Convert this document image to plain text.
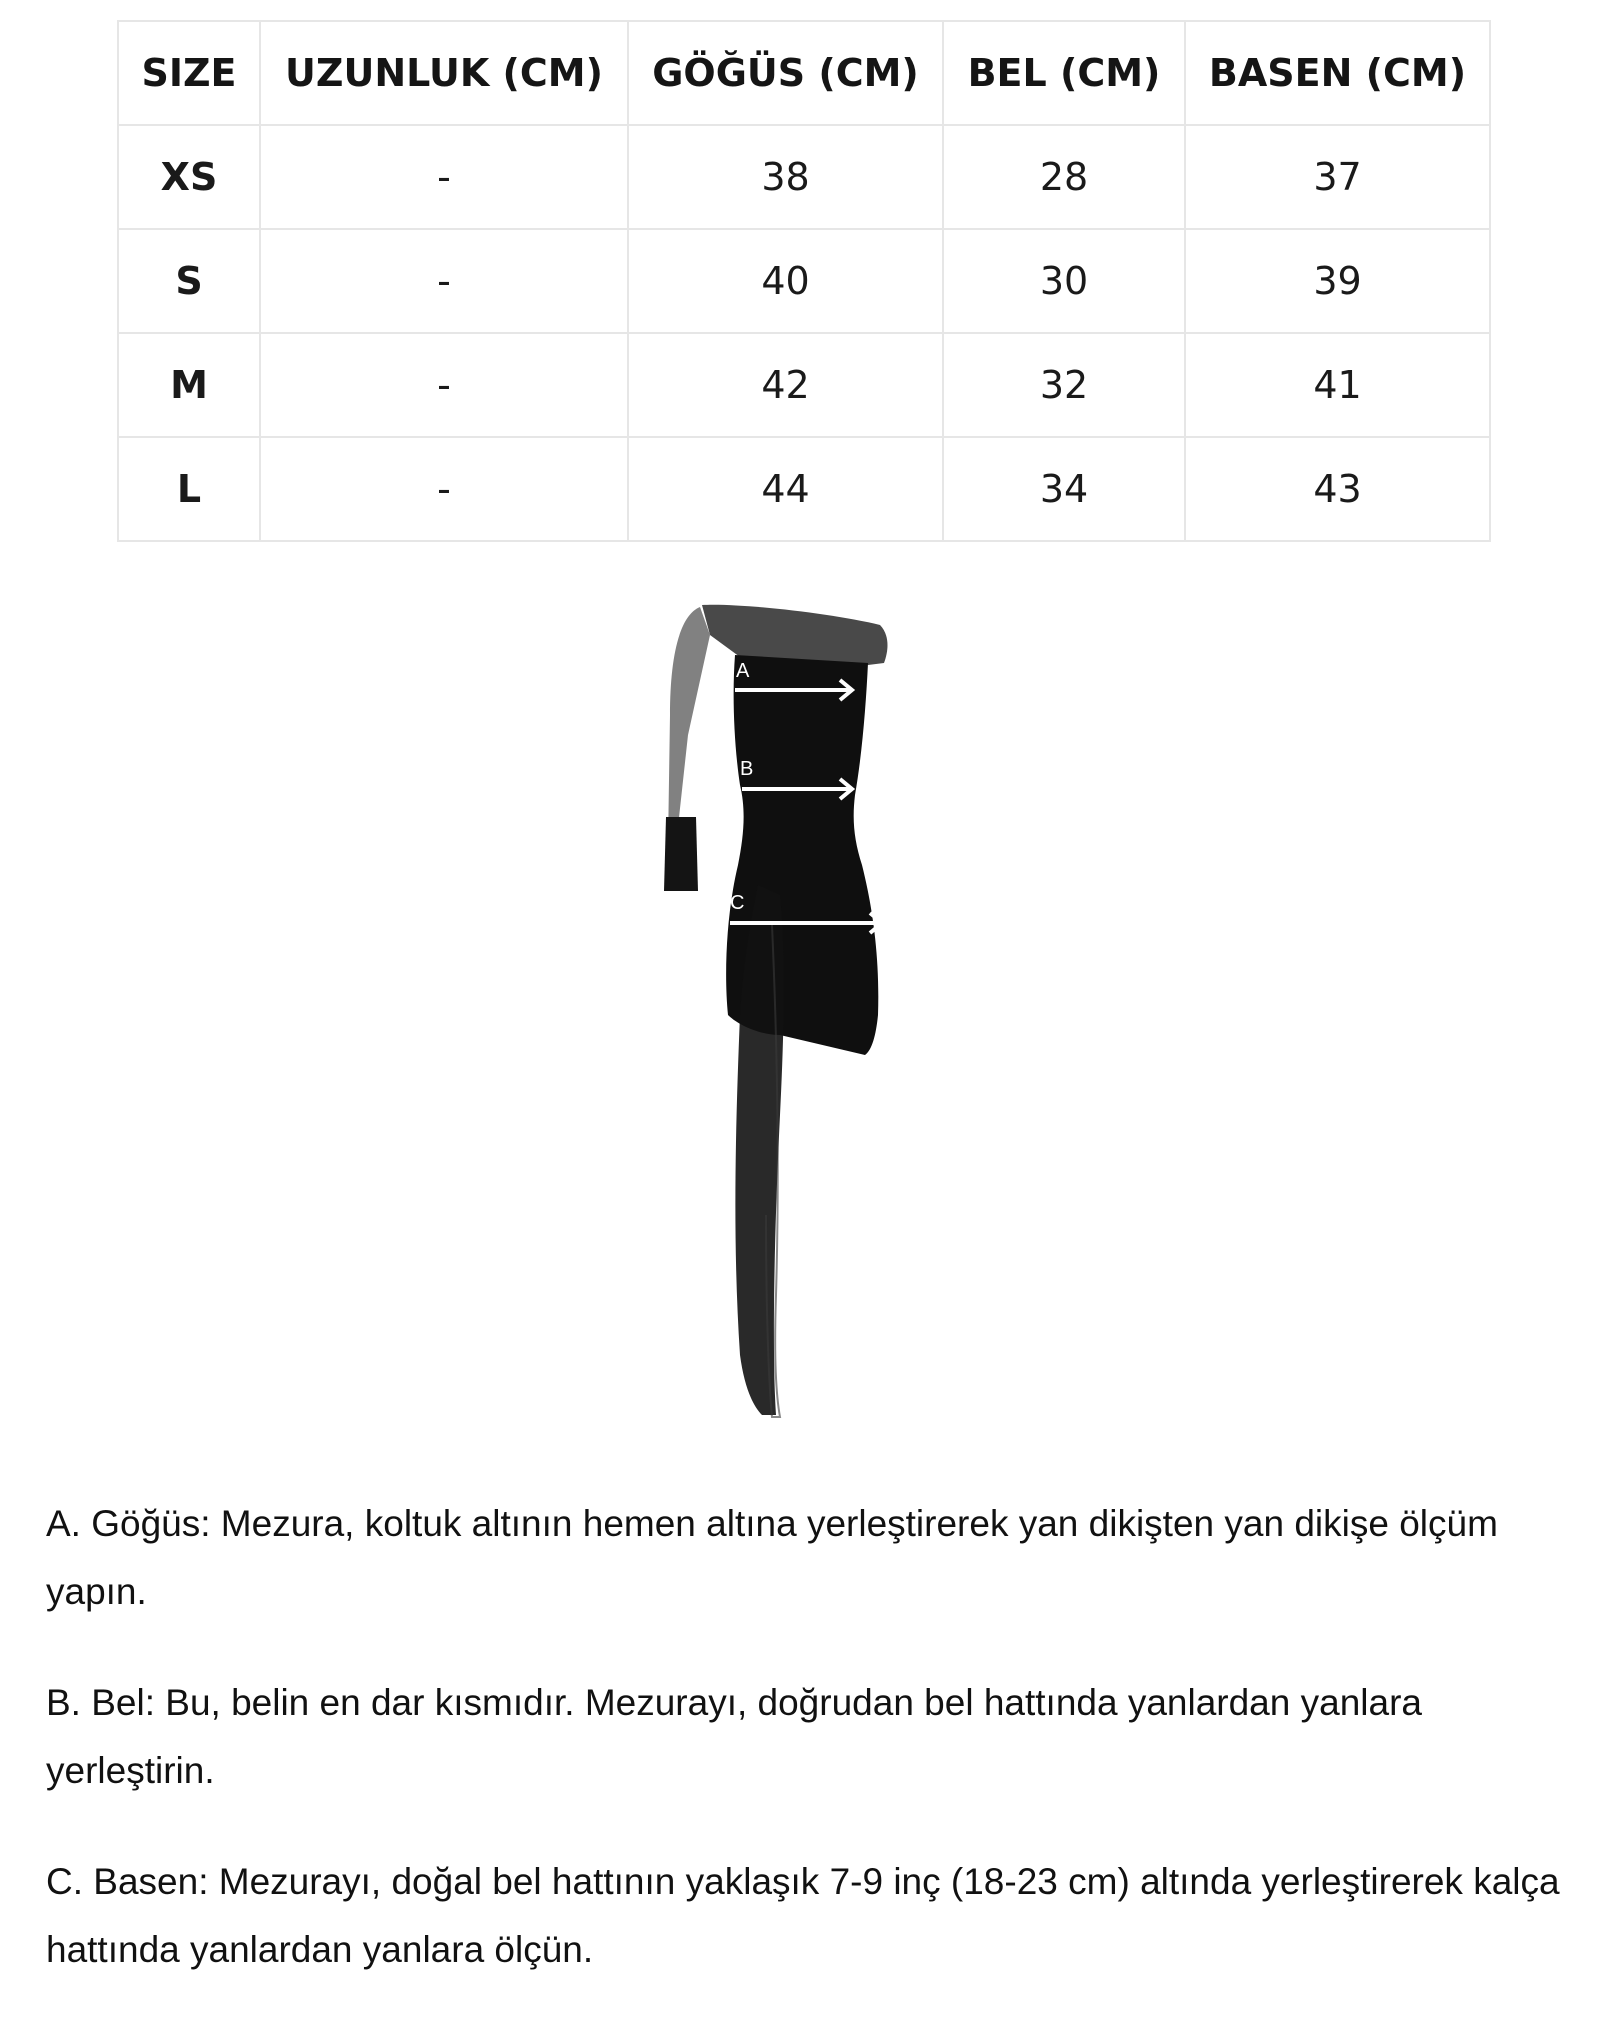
SIZE	UZUNLUK (CM)	GÖĞÜS (CM)	BEL (CM)	BASEN (CM)
XS	-	38	28	37
S	-	40	30	39
M	-	42	32	41
L	-	44	34	43
A
B
C

A. Göğüs: Mezura, koltuk altının hemen altına yerleştirerek yan dikişten yan dikişe ölçüm yapın.

B. Bel: Bu, belin en dar kısmıdır. Mezurayı, doğrudan bel hattında yanlardan yanlara yerleştirin.

C. Basen: Mezurayı, doğal bel hattının yaklaşık 7-9 inç (18-23 cm) altında yerleştirerek kalça hattında yanlardan yanlara ölçün.
